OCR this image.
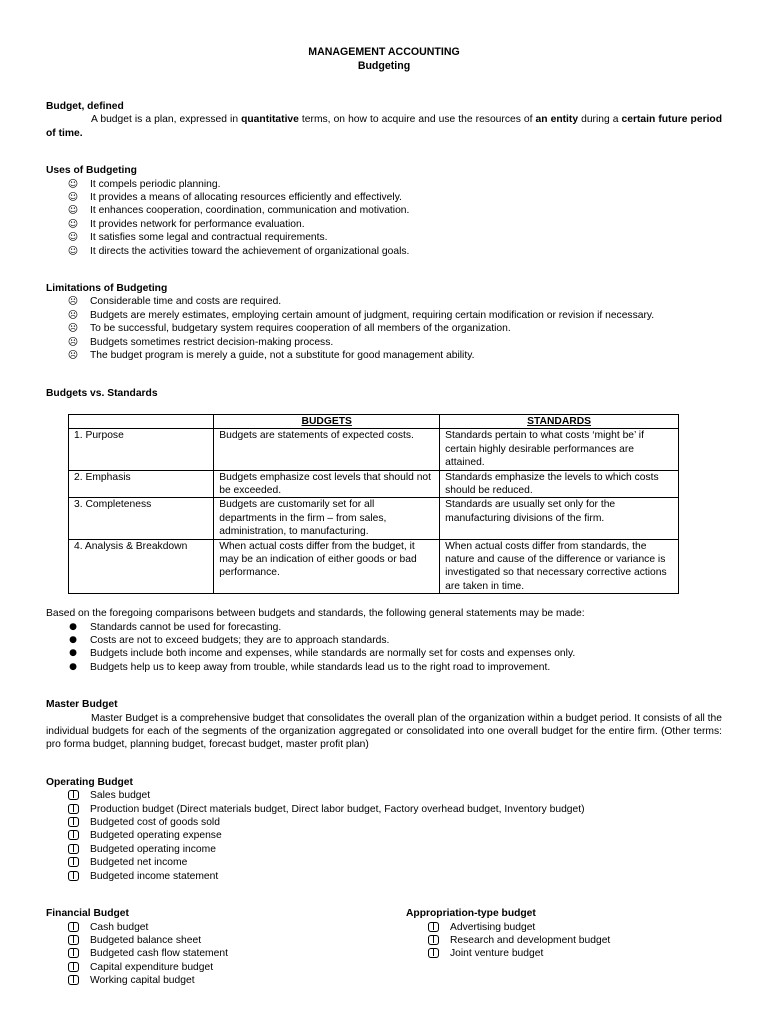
MANAGEMENT ACCOUNTING
Budgeting
Budget, defined
A budget is a plan, expressed in quantitative terms, on how to acquire and use the resources of an entity during a certain future period of time.
Uses of Budgeting
☺ It compels periodic planning.
☺ It provides a means of allocating resources efficiently and effectively.
☺ It enhances cooperation, coordination, communication and motivation.
☺ It provides network for performance evaluation.
☺ It satisfies some legal and contractual requirements.
☺ It directs the activities toward the achievement of organizational goals.
Limitations of Budgeting
☹ Considerable time and costs are required.
☹ Budgets are merely estimates, employing certain amount of judgment, requiring certain modification or revision if necessary.
☹ To be successful, budgetary system requires cooperation of all members of the organization.
☹ Budgets sometimes restrict decision-making process.
☹ The budget program is merely a guide, not a substitute for good management ability.
Budgets vs. Standards
	BUDGETS	STANDARDS
1. Purpose	Budgets are statements of expected costs.	Standards pertain to what costs ‘might be’ if certain highly desirable performances are attained.
2. Emphasis	Budgets emphasize cost levels that should not be exceeded.	Standards emphasize the levels to which costs should be reduced.
3. Completeness	Budgets are customarily set for all departments in the firm – from sales, administration, to manufacturing.	Standards are usually set only for the manufacturing divisions of the firm.
4. Analysis & Breakdown	When actual costs differ from the budget, it may be an indication of either goods or bad performance.	When actual costs differ from standards, the nature and cause of the difference or variance is investigated so that necessary corrective actions are taken in time.
Based on the foregoing comparisons between budgets and standards, the following general statements may be made:
● Standards cannot be used for forecasting.
● Costs are not to exceed budgets; they are to approach standards.
● Budgets include both income and expenses, while standards are normally set for costs and expenses only.
● Budgets help us to keep away from trouble, while standards lead us to the right road to improvement.
Master Budget
Master Budget is a comprehensive budget that consolidates the overall plan of the organization within a budget period. It consists of all the individual budgets for each of the segments of the organization aggregated or consolidated into one overall budget for the entire firm. (Other terms: pro forma budget, planning budget, forecast budget, master profit plan)
Operating Budget
Sales budget
Production budget (Direct materials budget, Direct labor budget, Factory overhead budget, Inventory budget)
Budgeted cost of goods sold
Budgeted operating expense
Budgeted operating income
Budgeted net income
Budgeted income statement
Financial Budget
Cash budget
Budgeted balance sheet
Budgeted cash flow statement
Capital expenditure budget
Working capital budget
Appropriation-type budget
Advertising budget
Research and development budget
Joint venture budget
